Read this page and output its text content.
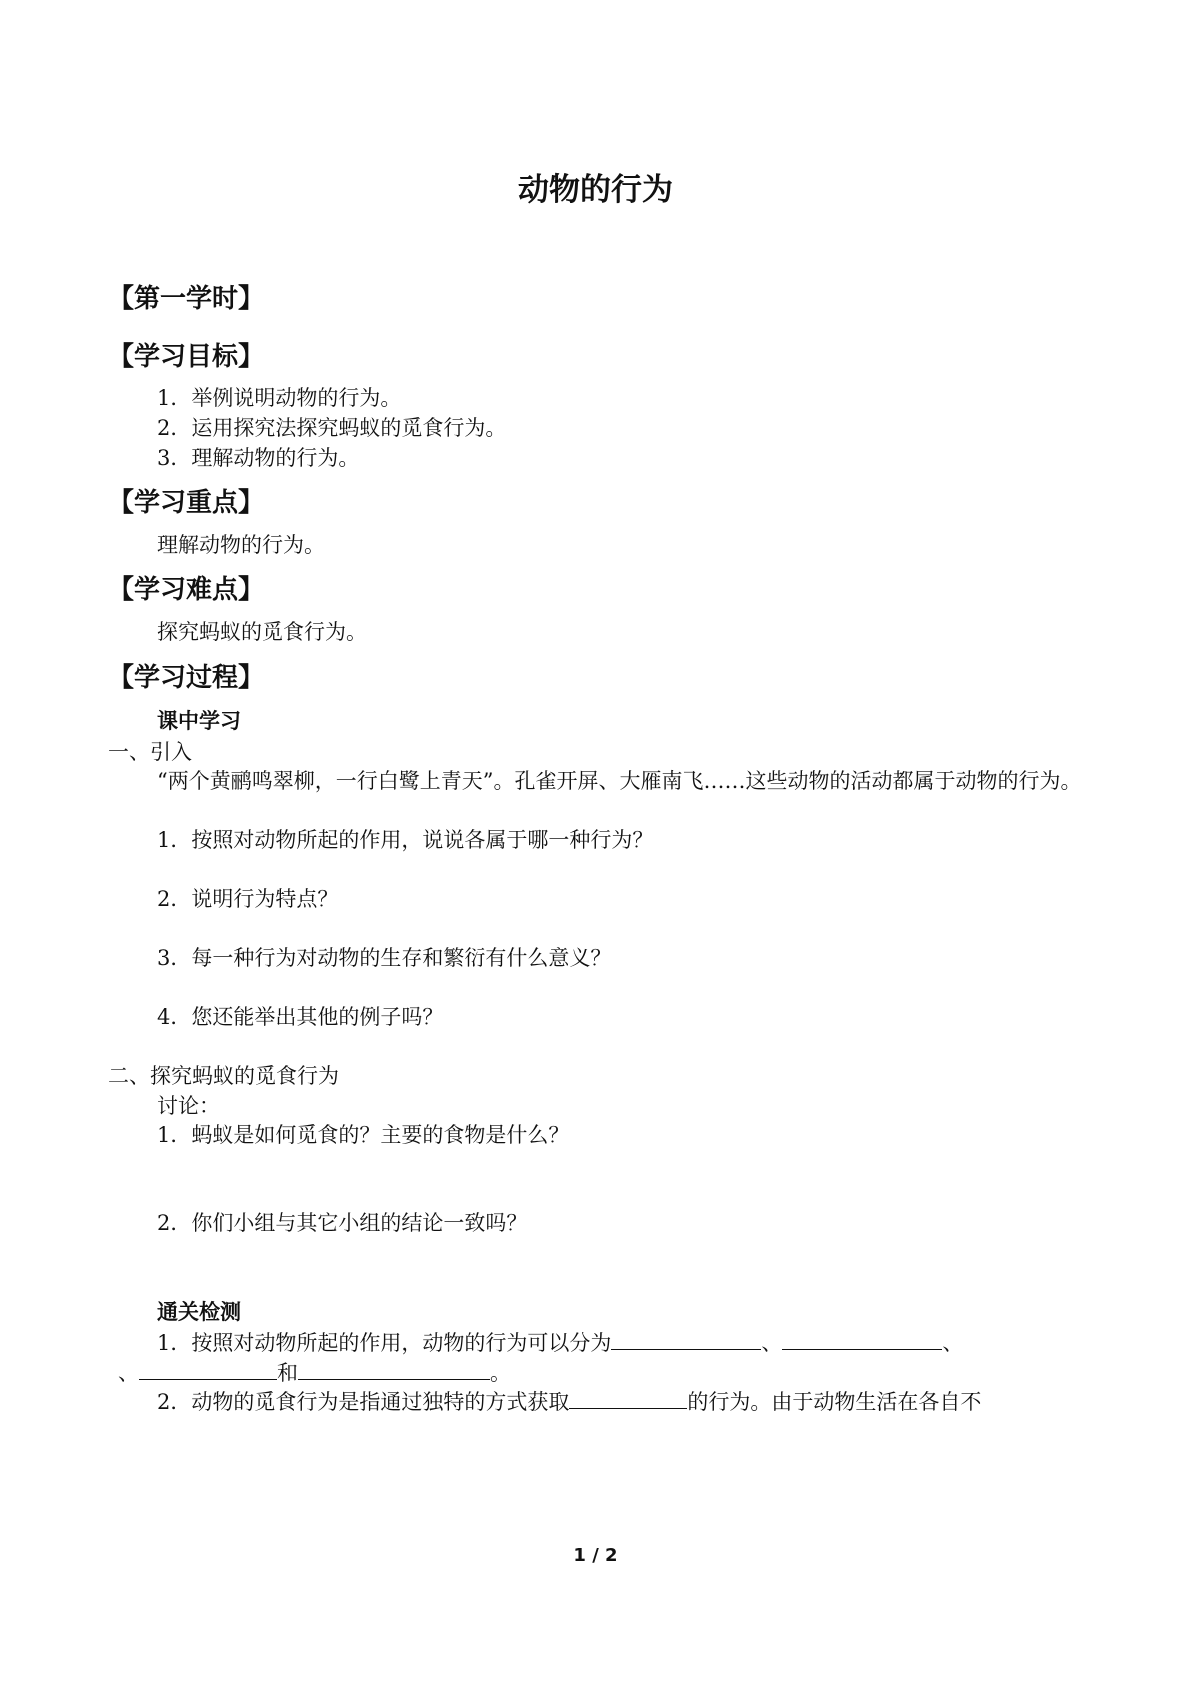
动物的行为
【第一学时】
【学习目标】
1．举例说明动物的行为。
2．运用探究法探究蚂蚁的觅食行为。
3．理解动物的行为。
【学习重点】
理解动物的行为。
【学习难点】
探究蚂蚁的觅食行为。
【学习过程】
课中学习
一、引入
“两个黄鹂鸣翠柳，一行白鹭上青天”。孔雀开屏、大雁南飞……这些动物的活动都属于动物的行为。
1．按照对动物所起的作用，说说各属于哪一种行为？
2．说明行为特点？
3．每一种行为对动物的生存和繁衍有什么意义？
4．您还能举出其他的例子吗？
二、探究蚂蚁的觅食行为
讨论：
1．蚂蚁是如何觅食的？主要的食物是什么？
2．你们小组与其它小组的结论一致吗？
通关检测
1．按照对动物所起的作用，动物的行为可以分为	、	、
、	和	。
2．动物的觅食行为是指通过独特的方式获取	的行为。由于动物生活在各自不
1 / 2
